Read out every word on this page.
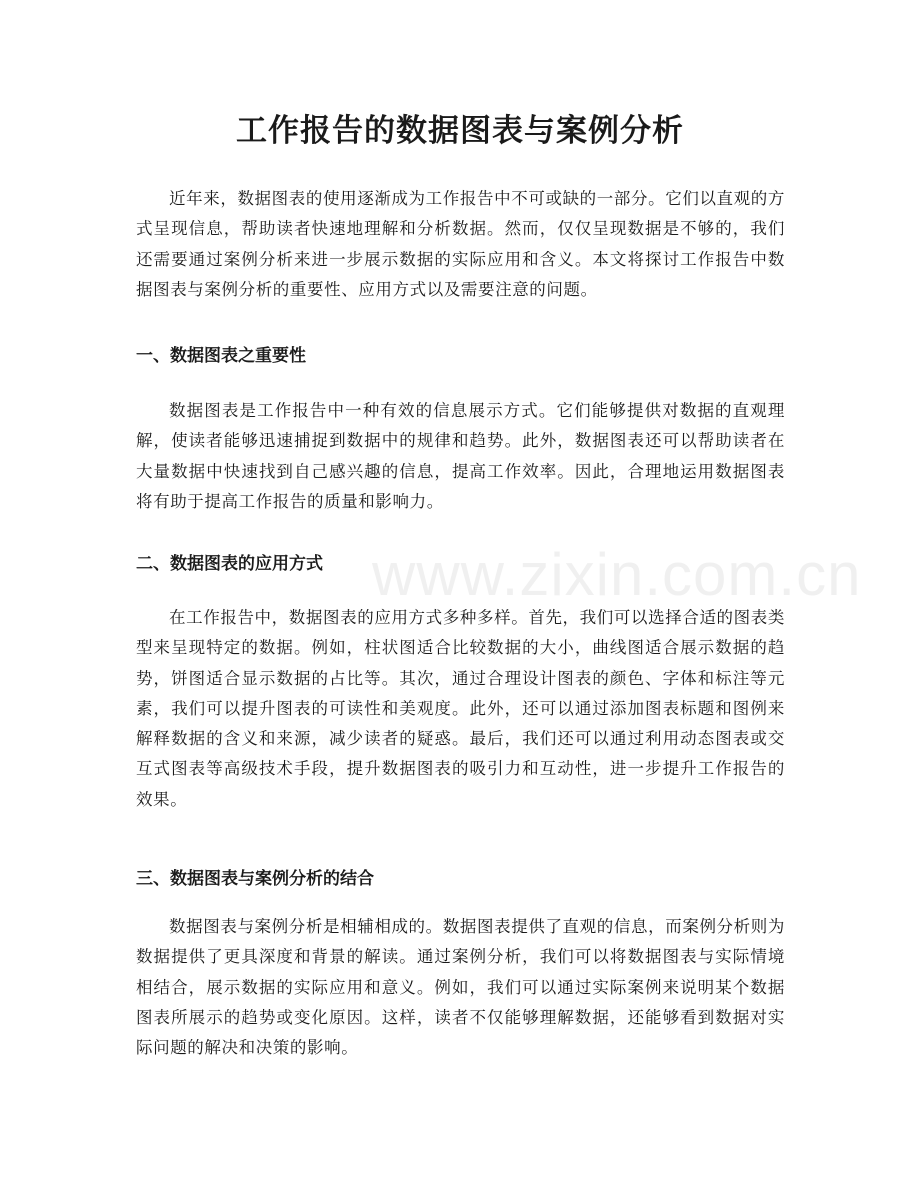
工作报告的数据图表与案例分析

近年来，数据图表的使用逐渐成为工作报告中不可或缺的一部分。它们以直观的方式呈现信息，帮助读者快速地理解和分析数据。然而，仅仅呈现数据是不够的，我们还需要通过案例分析来进一步展示数据的实际应用和含义。本文将探讨工作报告中数据图表与案例分析的重要性、应用方式以及需要注意的问题。

一、数据图表之重要性

数据图表是工作报告中一种有效的信息展示方式。它们能够提供对数据的直观理解，使读者能够迅速捕捉到数据中的规律和趋势。此外，数据图表还可以帮助读者在大量数据中快速找到自己感兴趣的信息，提高工作效率。因此，合理地运用数据图表将有助于提高工作报告的质量和影响力。

二、数据图表的应用方式

在工作报告中，数据图表的应用方式多种多样。首先，我们可以选择合适的图表类型来呈现特定的数据。例如，柱状图适合比较数据的大小，曲线图适合展示数据的趋势，饼图适合显示数据的占比等。其次，通过合理设计图表的颜色、字体和标注等元素，我们可以提升图表的可读性和美观度。此外，还可以通过添加图表标题和图例来解释数据的含义和来源，减少读者的疑惑。最后，我们还可以通过利用动态图表或交互式图表等高级技术手段，提升数据图表的吸引力和互动性，进一步提升工作报告的效果。

三、数据图表与案例分析的结合

数据图表与案例分析是相辅相成的。数据图表提供了直观的信息，而案例分析则为数据提供了更具深度和背景的解读。通过案例分析，我们可以将数据图表与实际情境相结合，展示数据的实际应用和意义。例如，我们可以通过实际案例来说明某个数据图表所展示的趋势或变化原因。这样，读者不仅能够理解数据，还能够看到数据对实际问题的解决和决策的影响。

www.zixin.com.cn
